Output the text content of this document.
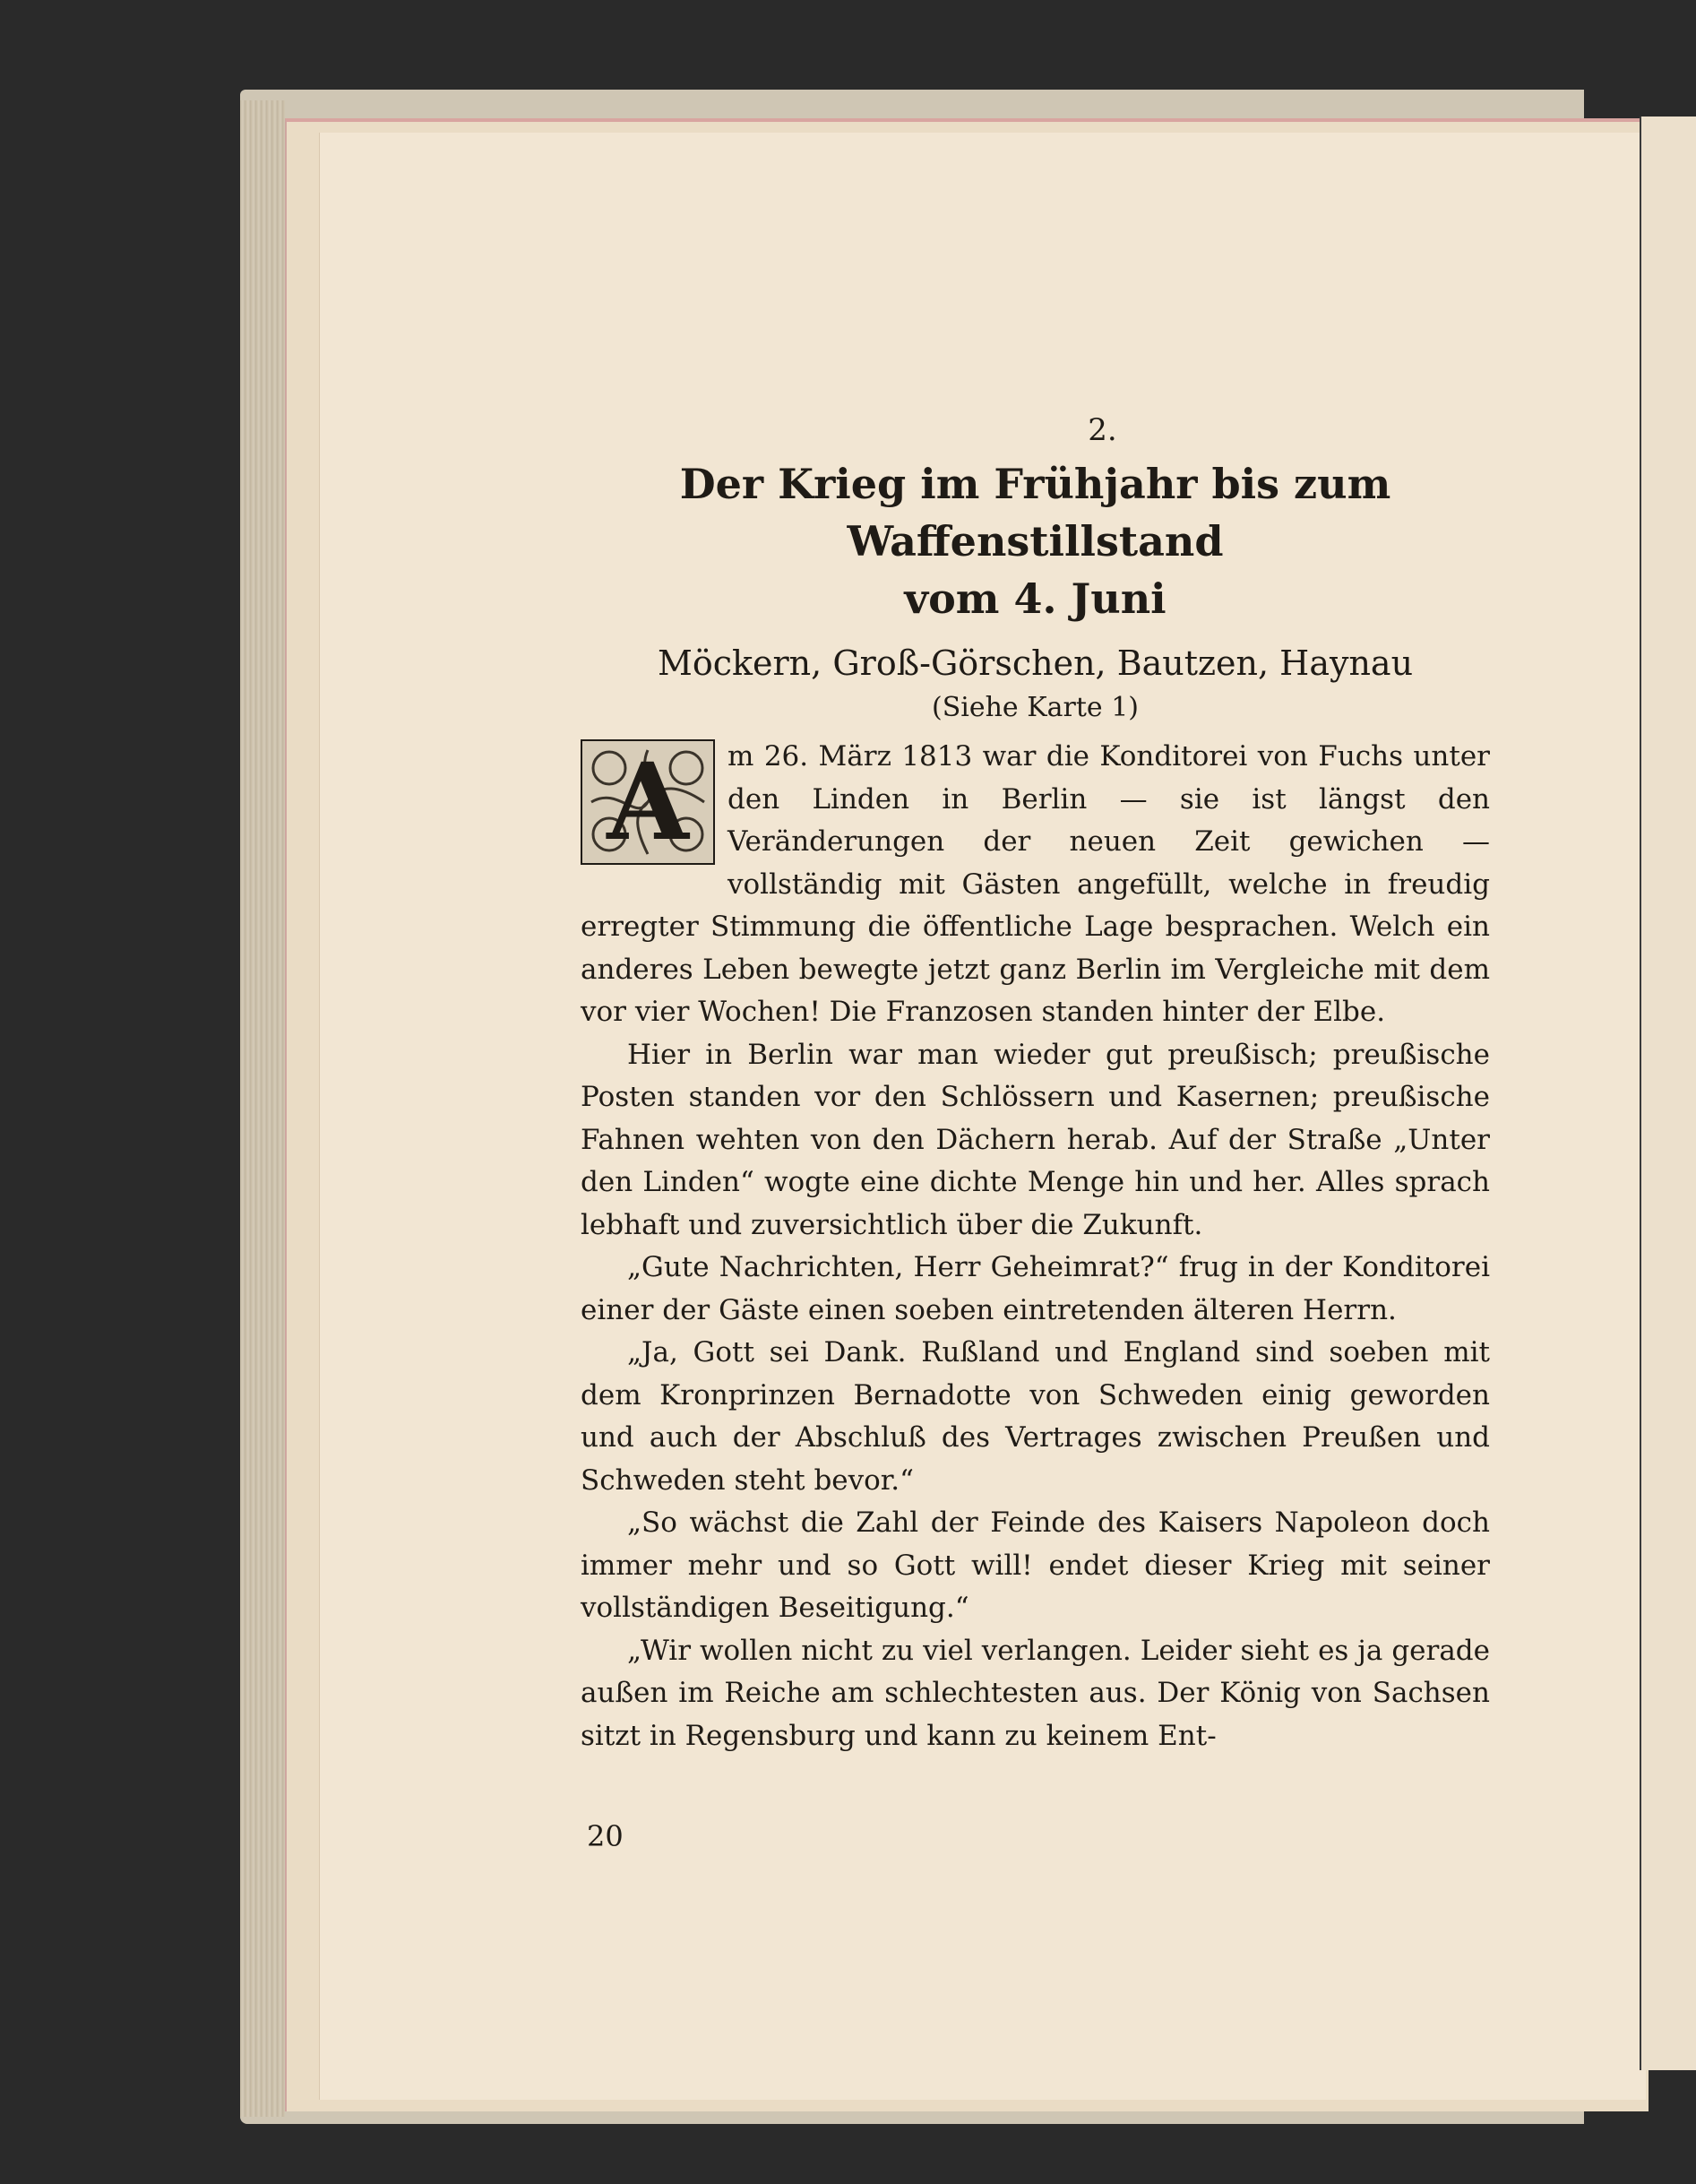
2.
Der Krieg im Frühjahr bis zum Waffenstillstand
vom 4. Juni
Möckern, Groß-Görschen, Bautzen, Haynau
(Siehe Karte 1)
A	m 26. März 1813 war die Konditorei von Fuchs unter den Linden in Berlin — sie ist längst den Veränderungen der neuen Zeit gewichen — vollständig mit Gästen angefüllt, welche in freudig erregter Stimmung die öffentliche Lage besprachen. Welch ein anderes Leben bewegte jetzt ganz Berlin im Vergleiche mit dem vor vier Wochen! Die Franzosen standen hinter der Elbe.

Hier in Berlin war man wieder gut preußisch; preußische Posten standen vor den Schlössern und Kasernen; preußische Fahnen wehten von den Dächern herab. Auf der Straße „Unter den Linden“ wogte eine dichte Menge hin und her. Alles sprach lebhaft und zuversichtlich über die Zukunft.

„Gute Nachrichten, Herr Geheimrat?“ frug in der Konditorei einer der Gäste einen soeben eintretenden älteren Herrn.

„Ja, Gott sei Dank. Rußland und England sind soeben mit dem Kronprinzen Bernadotte von Schweden einig geworden und auch der Abschluß des Vertrages zwischen Preußen und Schweden steht bevor.“

„So wächst die Zahl der Feinde des Kaisers Napoleon doch immer mehr und so Gott will! endet dieser Krieg mit seiner vollständigen Beseitigung.“

„Wir wollen nicht zu viel verlangen. Leider sieht es ja gerade außen im Reiche am schlechtesten aus. Der König von Sachsen sitzt in Regensburg und kann zu keinem Ent-

20
